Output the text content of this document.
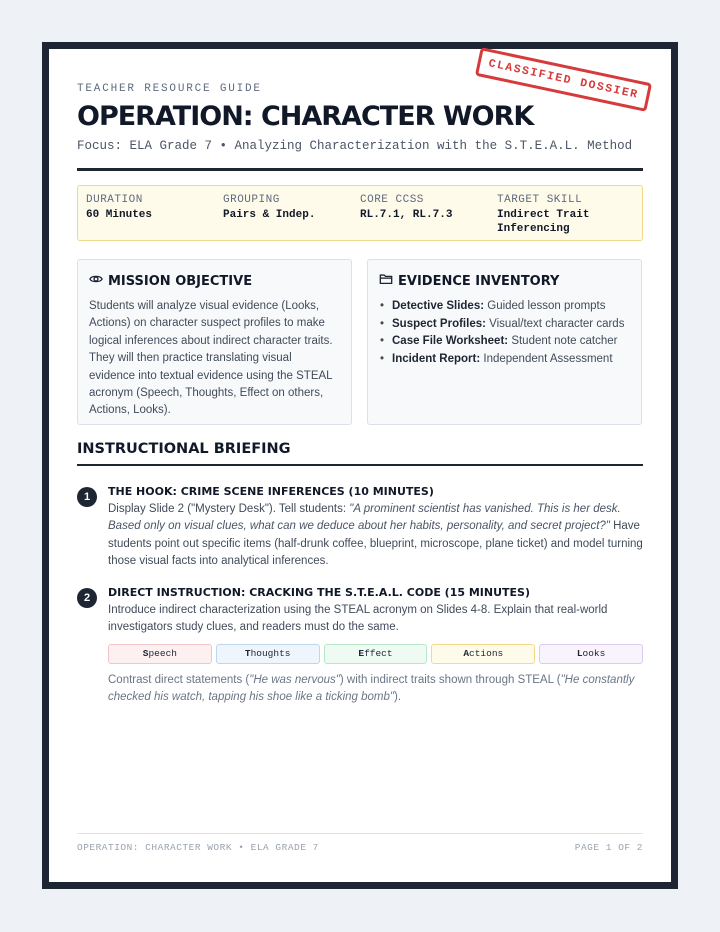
CLASSIFIED DOSSIER
TEACHER RESOURCE GUIDE
OPERATION: CHARACTER WORK
Focus: ELA Grade 7 • Analyzing Characterization with the S.T.E.A.L. Method
DURATION
60 Minutes
GROUPING
Pairs & Indep.
CORE CCSS
RL.7.1, RL.7.3
TARGET SKILL
Indirect Trait Inferencing
MISSION OBJECTIVE
Students will analyze visual evidence (Looks, Actions) on character suspect profiles to make logical inferences about indirect character traits. They will then practice translating visual evidence into textual evidence using the STEAL acronym (Speech, Thoughts, Effect on others, Actions, Looks).
EVIDENCE INVENTORY
• Detective Slides: Guided lesson prompts
• Suspect Profiles: Visual/text character cards
• Case File Worksheet: Student note catcher
• Incident Report: Independent Assessment
INSTRUCTIONAL BRIEFING
1	THE HOOK: CRIME SCENE INFERENCES (10 MINUTES)
Display Slide 2 ("Mystery Desk"). Tell students: "A prominent scientist has vanished. This is her desk. Based only on visual clues, what can we deduce about her habits, personality, and secret project?" Have students point out specific items (half-drunk coffee, blueprint, microscope, plane ticket) and model turning those visual facts into analytical inferences.
2	DIRECT INSTRUCTION: CRACKING THE S.T.E.A.L. CODE (15 MINUTES)
Introduce indirect characterization using the STEAL acronym on Slides 4-8. Explain that real-world investigators study clues, and readers must do the same.
S peech	T houghts	E ffect	A ctions	L ooks
Contrast direct statements ("He was nervous") with indirect traits shown through STEAL ("He constantly checked his watch, tapping his shoe like a ticking bomb").
OPERATION: CHARACTER WORK • ELA GRADE 7	PAGE 1 OF 2
